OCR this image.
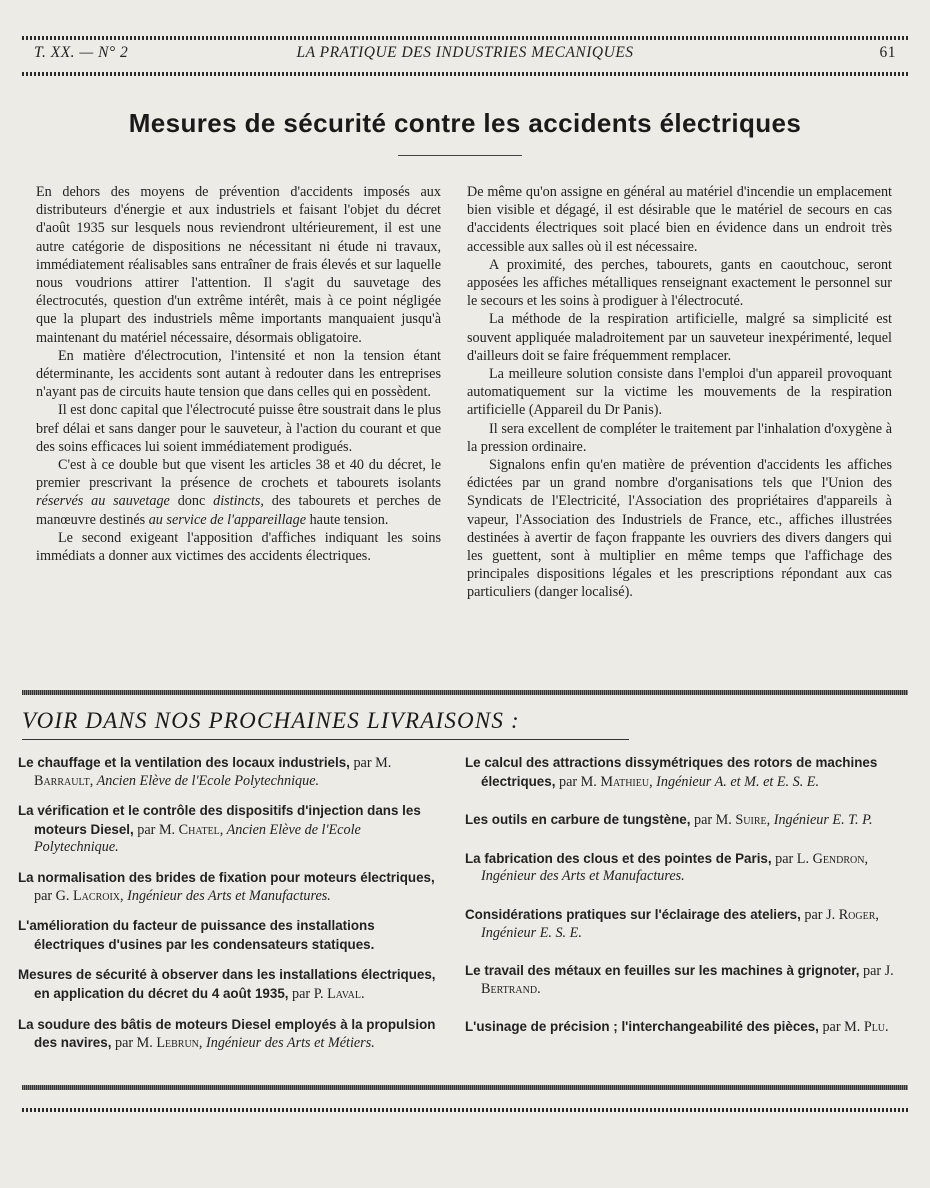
T. XX. — N° 2	LA PRATIQUE DES INDUSTRIES MECANIQUES	61
Mesures de sécurité contre les accidents électriques

En dehors des moyens de prévention d'accidents imposés aux distributeurs d'énergie et aux industriels et faisant l'objet du décret d'août 1935 sur lesquels nous reviendront ultérieurement, il est une autre catégorie de dispositions ne nécessitant ni étude ni travaux, immédiatement réalisables sans entraîner de frais élevés et sur laquelle nous voudrions attirer l'attention. Il s'agit du sauvetage des électrocutés, question d'un extrême intérêt, mais à ce point négligée que la plupart des industriels même importants manquaient jusqu'à maintenant du matériel nécessaire, désormais obligatoire.

En matière d'électrocution, l'intensité et non la tension étant déterminante, les accidents sont autant à redouter dans les entreprises n'ayant pas de circuits haute tension que dans celles qui en possèdent.

Il est donc capital que l'électrocuté puisse être soustrait dans le plus bref délai et sans danger pour le sauveteur, à l'action du courant et que des soins efficaces lui soient immédiatement prodigués.

C'est à ce double but que visent les articles 38 et 40 du décret, le premier prescrivant la présence de crochets et tabourets isolants réservés au sauvetage donc distincts, des tabourets et perches de manœuvre destinés au service de l'appareillage haute tension.

Le second exigeant l'apposition d'affiches indiquant les soins immédiats a donner aux victimes des accidents électriques.

De même qu'on assigne en général au matériel d'incendie un emplacement bien visible et dégagé, il est désirable que le matériel de secours en cas d'accidents électriques soit placé bien en évidence dans un endroit très accessible aux salles où il est nécessaire.

A proximité, des perches, tabourets, gants en caoutchouc, seront apposées les affiches métalliques renseignant exactement le personnel sur le secours et les soins à prodiguer à l'électrocuté.

La méthode de la respiration artificielle, malgré sa simplicité est souvent appliquée maladroitement par un sauveteur inexpérimenté, lequel d'ailleurs doit se faire fréquemment remplacer.

La meilleure solution consiste dans l'emploi d'un appareil provoquant automatiquement sur la victime les mouvements de la respiration artificielle (Appareil du Dr Panis).

Il sera excellent de compléter le traitement par l'inhalation d'oxygène à la pression ordinaire.

Signalons enfin qu'en matière de prévention d'accidents les affiches édictées par un grand nombre d'organisations tels que l'Union des Syndicats de l'Electricité, l'Association des propriétaires d'appareils à vapeur, l'Association des Industriels de France, etc., affiches illustrées destinées à avertir de façon frappante les ouvriers des divers dangers qui les guettent, sont à multiplier en même temps que l'affichage des principales dispositions légales et les prescriptions répondant aux cas particuliers (danger localisé).

VOIR DANS NOS PROCHAINES LIVRAISONS :
Le chauffage et la ventilation des locaux industriels, par M. Barrault, Ancien Elève de l'Ecole Polytechnique.
La vérification et le contrôle des dispositifs d'injection dans les moteurs Diesel, par M. Chatel, Ancien Elève de l'Ecole Polytechnique.
La normalisation des brides de fixation pour moteurs électriques, par G. Lacroix, Ingénieur des Arts et Manufactures.
L'amélioration du facteur de puissance des installations électriques d'usines par les condensateurs statiques.
Mesures de sécurité à observer dans les installations électriques, en application du décret du 4 août 1935, par P. Laval.
La soudure des bâtis de moteurs Diesel employés à la propulsion des navires, par M. Lebrun, Ingénieur des Arts et Métiers.
Le calcul des attractions dissymétriques des rotors de machines électriques, par M. Mathieu, Ingénieur A. et M. et E. S. E.
Les outils en carbure de tungstène, par M. Suire, Ingénieur E. T. P.
La fabrication des clous et des pointes de Paris, par L. Gendron, Ingénieur des Arts et Manufactures.
Considérations pratiques sur l'éclairage des ateliers, par J. Roger, Ingénieur E. S. E.
Le travail des métaux en feuilles sur les machines à grignoter, par J. Bertrand.
L'usinage de précision ; l'interchangeabilité des pièces, par M. Plu.
